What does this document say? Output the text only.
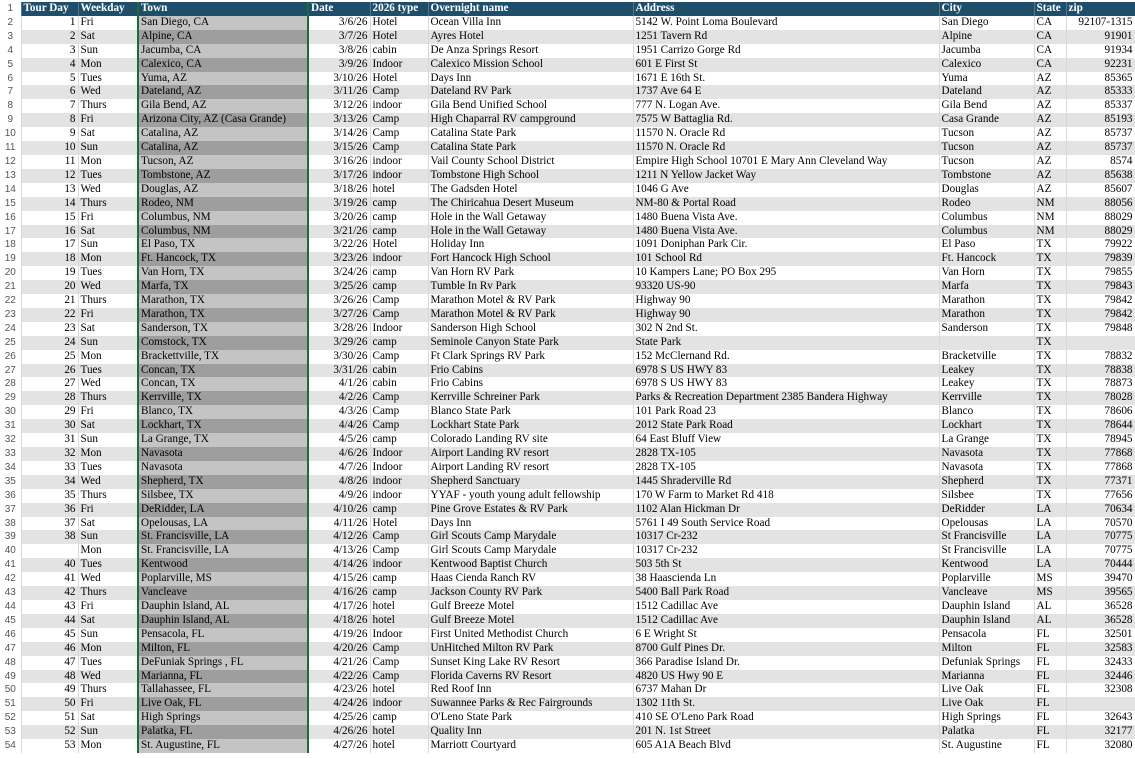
1	Tour Day	Weekday	Town	Date	2026 type	Overnight name	Address	City	State	zip
2	1	Fri	San Diego, CA	3/6/26	Hotel	Ocean Villa Inn	5142 W. Point Loma Boulevard	San Diego	CA	92107-1315
3	2	Sat	Alpine, CA	3/7/26	Hotel	Ayres Hotel	1251 Tavern Rd	Alpine	CA	91901
4	3	Sun	Jacumba, CA	3/8/26	cabin	De Anza Springs Resort	1951 Carrizo Gorge Rd	Jacumba	CA	91934
5	4	Mon	Calexico, CA	3/9/26	Indoor	Calexico Mission School	601 E First St	Calexico	CA	92231
6	5	Tues	Yuma, AZ	3/10/26	Hotel	Days Inn	1671 E 16th St.	Yuma	AZ	85365
7	6	Wed	Dateland, AZ	3/11/26	Camp	Dateland RV Park	1737 Ave 64 E	Dateland	AZ	85333
8	7	Thurs	Gila Bend, AZ	3/12/26	indoor	Gila Bend Unified School	777 N. Logan Ave.	Gila Bend	AZ	85337
9	8	Fri	Arizona City, AZ (Casa Grande)	3/13/26	Camp	High Chaparral RV campground	7575 W Battaglia Rd.	Casa Grande	AZ	85193
10	9	Sat	Catalina, AZ	3/14/26	Camp	Catalina State Park	11570 N. Oracle Rd	Tucson	AZ	85737
11	10	Sun	Catalina, AZ	3/15/26	Camp	Catalina State Park	11570 N. Oracle Rd	Tucson	AZ	85737
12	11	Mon	Tucson, AZ	3/16/26	indoor	Vail County School District	Empire High School 10701 E Mary Ann Cleveland Way	Tucson	AZ	8574
13	12	Tues	Tombstone, AZ	3/17/26	indoor	Tombstone High School	1211 N Yellow Jacket Way	Tombstone	AZ	85638
14	13	Wed	Douglas, AZ	3/18/26	hotel	The Gadsden Hotel	1046 G Ave	Douglas	AZ	85607
15	14	Thurs	Rodeo, NM	3/19/26	camp	The Chiricahua Desert Museum	NM-80 & Portal Road	Rodeo	NM	88056
16	15	Fri	Columbus, NM	3/20/26	camp	Hole in the Wall Getaway	1480 Buena Vista Ave.	Columbus	NM	88029
17	16	Sat	Columbus, NM	3/21/26	camp	Hole in the Wall Getaway	1480 Buena Vista Ave.	Columbus	NM	88029
18	17	Sun	El Paso, TX	3/22/26	Hotel	Holiday Inn	1091 Doniphan Park Cir.	El Paso	TX	79922
19	18	Mon	Ft. Hancock, TX	3/23/26	indoor	Fort Hancock High School	101 School Rd	Ft. Hancock	TX	79839
20	19	Tues	Van Horn, TX	3/24/26	camp	Van Horn RV Park	10 Kampers Lane; PO Box 295	Van Horn	TX	79855
21	20	Wed	Marfa, TX	3/25/26	camp	Tumble In Rv Park	93320 US-90	Marfa	TX	79843
22	21	Thurs	Marathon, TX	3/26/26	Camp	Marathon Motel & RV Park	Highway 90	Marathon	TX	79842
23	22	Fri	Marathon, TX	3/27/26	Camp	Marathon Motel & RV Park	Highway 90	Marathon	TX	79842
24	23	Sat	Sanderson, TX	3/28/26	Indoor	Sanderson High School	302 N 2nd St.	Sanderson	TX	79848
25	24	Sun	Comstock, TX	3/29/26	camp	Seminole Canyon State Park	State Park		TX	
26	25	Mon	Brackettville, TX	3/30/26	Camp	Ft Clark Springs RV Park	152 McClernand Rd.	Bracketville	TX	78832
27	26	Tues	Concan, TX	3/31/26	cabin	Frio Cabins	6978 S US HWY 83	Leakey	TX	78838
28	27	Wed	Concan, TX	4/1/26	cabin	Frio Cabins	6978 S US HWY 83	Leakey	TX	78873
29	28	Thurs	Kerrville, TX	4/2/26	Camp	Kerrville Schreiner Park	Parks & Recreation Department 2385 Bandera Highway	Kerrville	TX	78028
30	29	Fri	Blanco, TX	4/3/26	Camp	Blanco State Park	101 Park Road 23	Blanco	TX	78606
31	30	Sat	Lockhart, TX	4/4/26	Camp	Lockhart State Park	2012 State Park Road	Lockhart	TX	78644
32	31	Sun	La Grange, TX	4/5/26	camp	Colorado Landing RV site	64 East Bluff View	La Grange	TX	78945
33	32	Mon	Navasota	4/6/26	Indoor	Airport Landing RV resort	2828 TX-105	Navasota	TX	77868
34	33	Tues	Navasota	4/7/26	Indoor	Airport Landing RV resort	2828 TX-105	Navasota	TX	77868
35	34	Wed	Shepherd, TX	4/8/26	indoor	Shepherd Sanctuary	1445 Shraderville Rd	Shepherd	TX	77371
36	35	Thurs	Silsbee, TX	4/9/26	indoor	YYAF - youth young adult fellowship	170 W Farm to Market Rd 418	Silsbee	TX	77656
37	36	Fri	DeRidder, LA	4/10/26	camp	Pine Grove Estates & RV Park	1102 Alan Hickman Dr	DeRidder	LA	70634
38	37	Sat	Opelousas, LA	4/11/26	Hotel	Days Inn	5761 I 49 South Service Road	Opelousas	LA	70570
39	38	Sun	St. Francisville, LA	4/12/26	Camp	Girl Scouts Camp Marydale	10317 Cr-232	St Francisville	LA	70775
40		Mon	St. Francisville, LA	4/13/26	Camp	Girl Scouts Camp Marydale	10317 Cr-232	St Francisville	LA	70775
41	40	Tues	Kentwood	4/14/26	indoor	Kentwood Baptist Church	503 5th St	Kentwood	LA	70444
42	41	Wed	Poplarville, MS	4/15/26	camp	Haas Cienda Ranch RV	38 Haascienda Ln	Poplarville	MS	39470
43	42	Thurs	Vancleave	4/16/26	camp	Jackson County RV Park	5400 Ball Park Road	Vancleave	MS	39565
44	43	Fri	Dauphin Island, AL	4/17/26	hotel	Gulf Breeze Motel	1512 Cadillac Ave	Dauphin Island	AL	36528
45	44	Sat	Dauphin Island, AL	4/18/26	hotel	Gulf Breeze Motel	1512 Cadillac Ave	Dauphin Island	AL	36528
46	45	Sun	Pensacola, FL	4/19/26	Indoor	First United Methodist Church	6 E Wright St	Pensacola	FL	32501
47	46	Mon	Milton, FL	4/20/26	Camp	UnHitched Milton RV Park	8700 Gulf Pines Dr.	Milton	FL	32583
48	47	Tues	DeFuniak Springs , FL	4/21/26	Camp	Sunset King Lake RV Resort	366 Paradise Island Dr.	Defuniak Springs	FL	32433
49	48	Wed	Marianna, FL	4/22/26	Camp	Florida Caverns RV Resort	4820 US Hwy 90 E	Marianna	FL	32446
50	49	Thurs	Tallahassee, FL	4/23/26	hotel	Red Roof Inn	6737 Mahan Dr	Live Oak	FL	32308
51	50	Fri	Live Oak, FL	4/24/26	indoor	Suwannee Parks & Rec Fairgrounds	1302 11th St.	Live Oak	FL	
52	51	Sat	High Springs	4/25/26	camp	O'Leno State Park	410 SE O'Leno Park Road	High Springs	FL	32643
53	52	Sun	Palatka, FL	4/26/26	hotel	Quality Inn	201 N. 1st Street	Palatka	FL	32177
54	53	Mon	St. Augustine, FL	4/27/26	hotel	Marriott Courtyard	605 A1A Beach Blvd	St. Augustine	FL	32080
